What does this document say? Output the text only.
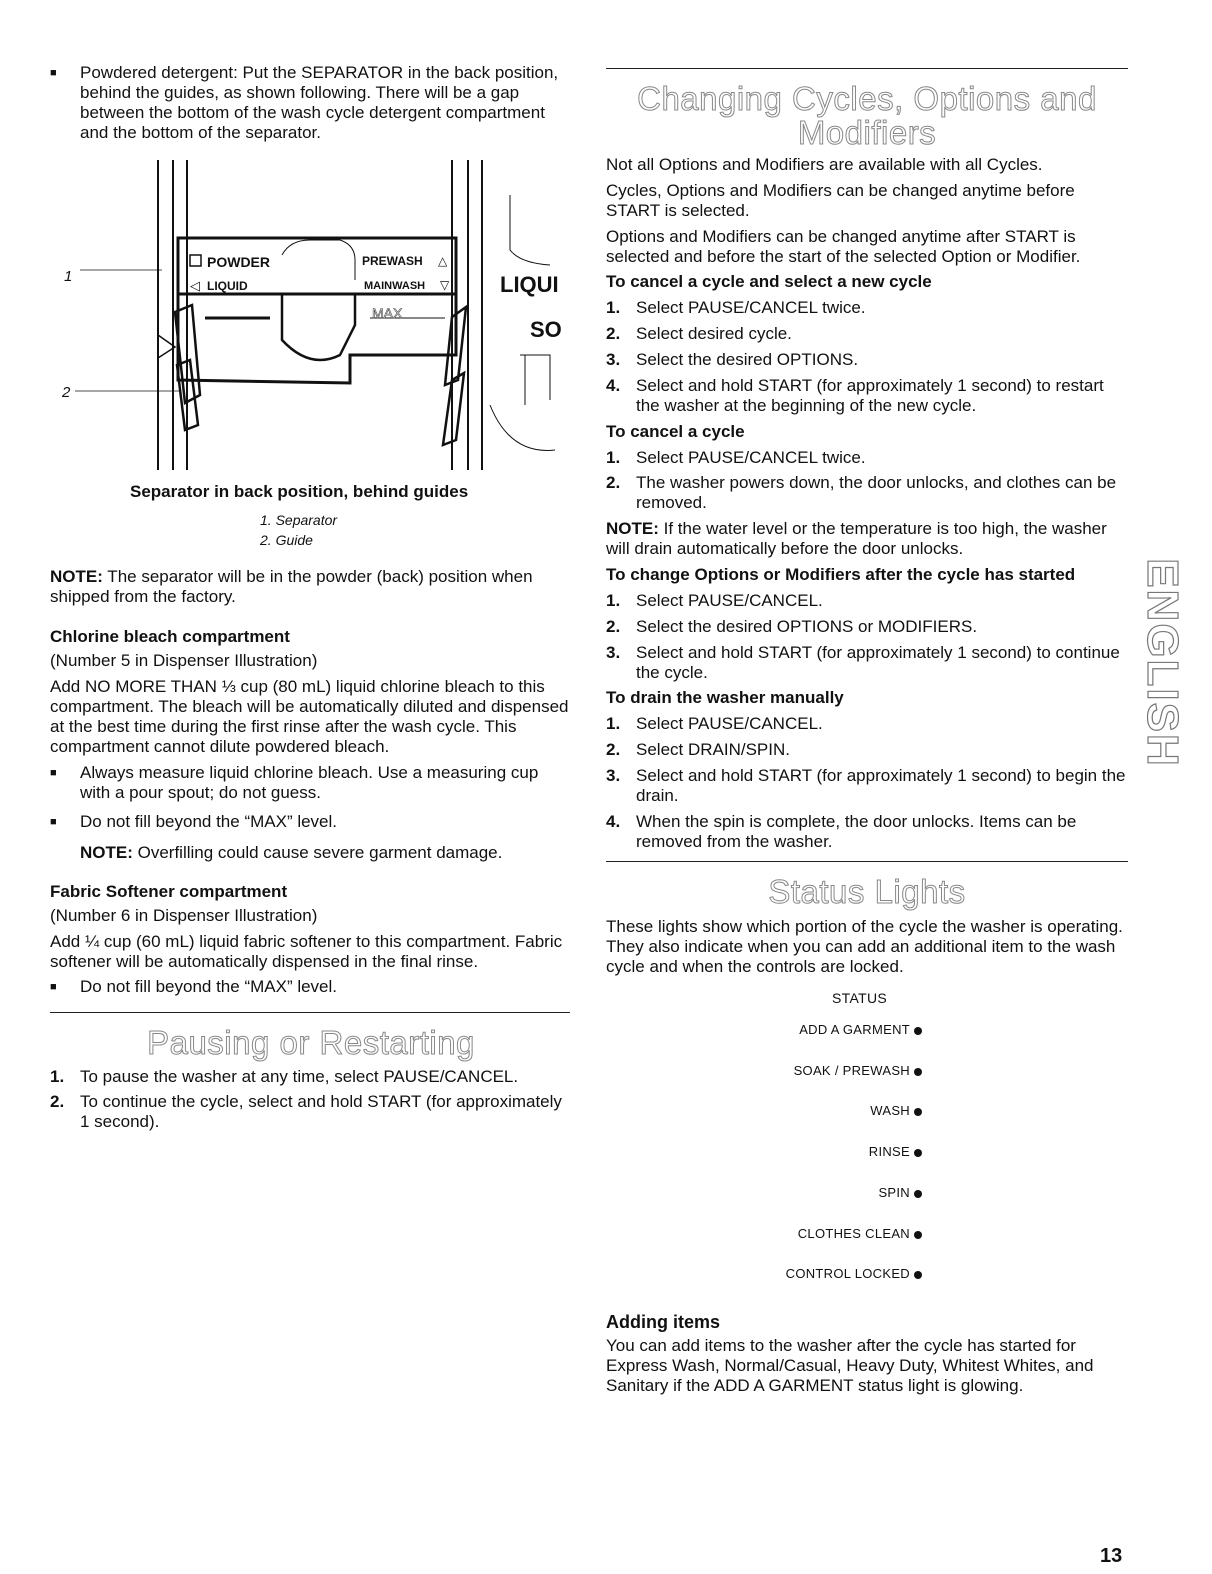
■ Powdered detergent: Put the SEPARATOR in the back position, behind the guides, as shown following. There will be a gap between the bottom of the wash cycle detergent compartment and the bottom of the separator.
POWDER
LIQUID
◁
PREWASH △
MAINWASH ▽
MAX
LIQUI
SO
1
2
Separator in back position, behind guides
1. Separator
2. Guide

NOTE: The separator will be in the powder (back) position when shipped from the factory.

Chlorine bleach compartment
(Number 5 in Dispenser Illustration)

Add NO MORE THAN ⅓ cup (80 mL) liquid chlorine bleach to this compartment. The bleach will be automatically diluted and dispensed at the best time during the first rinse after the wash cycle. This compartment cannot dilute powdered bleach.

■ Always measure liquid chlorine bleach. Use a measuring cup with a pour spout; do not guess.
■ Do not fill beyond the “MAX” level.

NOTE: Overfilling could cause severe garment damage.

Fabric Softener compartment
(Number 6 in Dispenser Illustration)

Add ¼ cup (60 mL) liquid fabric softener to this compartment. Fabric softener will be automatically dispensed in the final rinse.

■ Do not fill beyond the “MAX” level.
Pausing or Restarting
1. To pause the washer at any time, select PAUSE/CANCEL.
2. To continue the cycle, select and hold START (for approximately 1 second).
Changing Cycles, Options and
Modifiers

Not all Options and Modifiers are available with all Cycles.

Cycles, Options and Modifiers can be changed anytime before START is selected.

Options and Modifiers can be changed anytime after START is selected and before the start of the selected Option or Modifier.

To cancel a cycle and select a new cycle
1. Select PAUSE/CANCEL twice.
2. Select desired cycle.
3. Select the desired OPTIONS.
4. Select and hold START (for approximately 1 second) to restart the washer at the beginning of the new cycle.
To cancel a cycle
1. Select PAUSE/CANCEL twice.
2. The washer powers down, the door unlocks, and clothes can be removed.

NOTE: If the water level or the temperature is too high, the washer will drain automatically before the door unlocks.

To change Options or Modifiers after the cycle has started
1. Select PAUSE/CANCEL.
2. Select the desired OPTIONS or MODIFIERS.
3. Select and hold START (for approximately 1 second) to continue the cycle.
To drain the washer manually
1. Select PAUSE/CANCEL.
2. Select DRAIN/SPIN.
3. Select and hold START (for approximately 1 second) to begin the drain.
4. When the spin is complete, the door unlocks. Items can be removed from the washer.
Status Lights

These lights show which portion of the cycle the washer is operating. They also indicate when you can add an additional item to the wash cycle and when the controls are locked.

STATUS
ADD A GARMENT
SOAK / PREWASH
WASH
RINSE
SPIN
CLOTHES CLEAN
CONTROL LOCKED
Adding items

You can add items to the washer after the cycle has started for Express Wash, Normal/Casual, Heavy Duty, Whitest Whites, and Sanitary if the ADD A GARMENT status light is glowing.

ENGLISH
13
